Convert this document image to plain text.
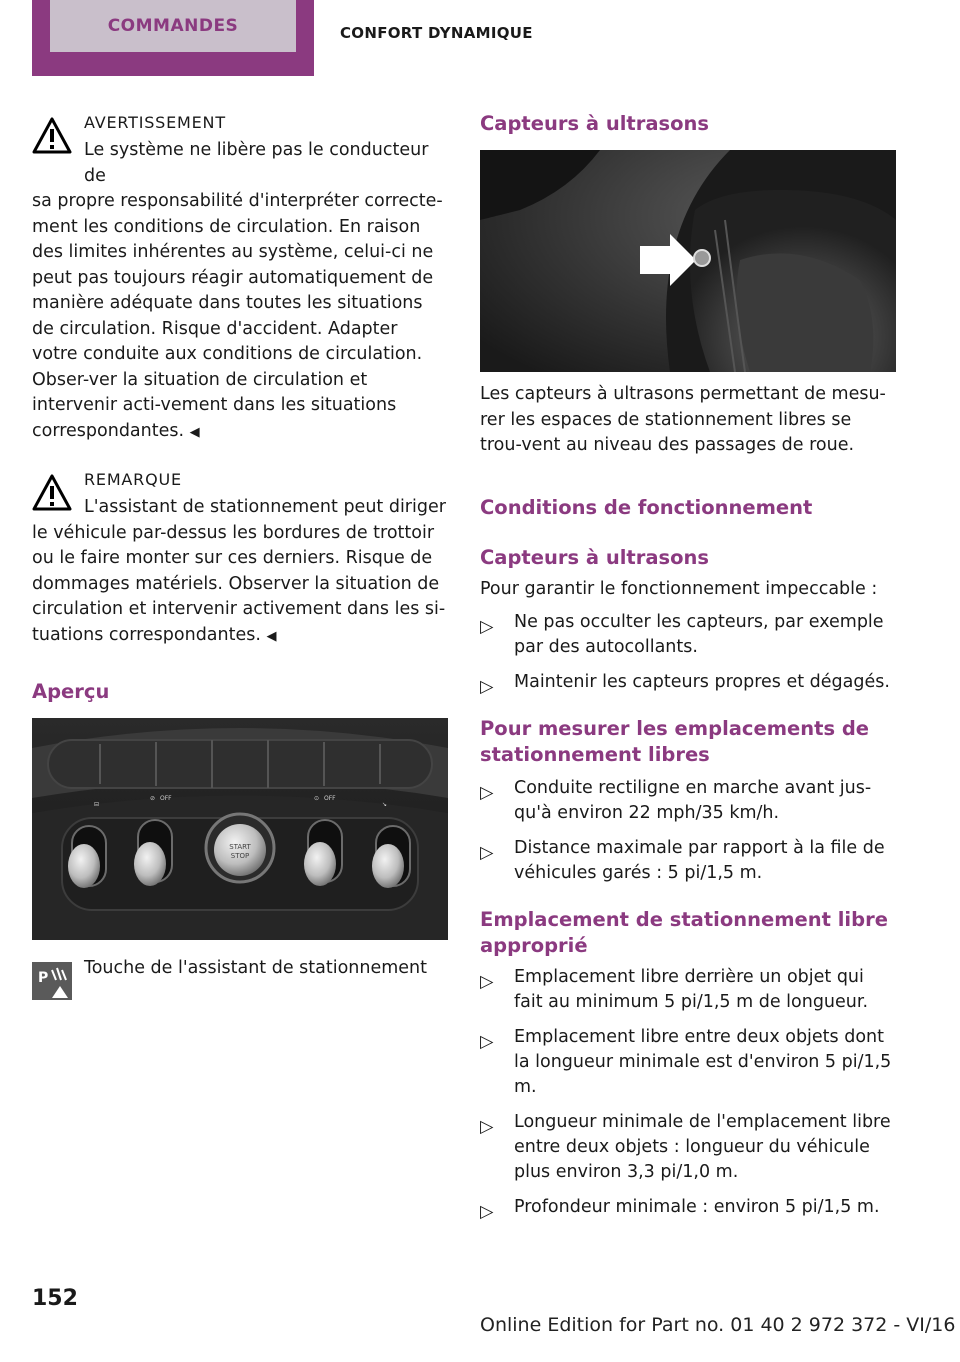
COMMANDES	CONFORT DYNAMIQUE
AVERTISSEMENT
Le système ne libère pas le conducteur de
sa propre responsabilité d'interpréter correcte-ment les conditions de circulation. En raison des limites inhérentes au système, celui-ci ne peut pas toujours réagir automatiquement de manière adéquate dans toutes les situations de circulation. Risque d'accident. Adapter votre conduite aux conditions de circulation. Obser-ver la situation de circulation et intervenir acti-vement dans les situations correspondantes. ◀
REMARQUE
L'assistant de stationnement peut diriger
le véhicule par-dessus les bordures de trottoir ou le faire monter sur ces derniers. Risque de dommages matériels. Observer la situation de circulation et intervenir activement dans les si-tuations correspondantes. ◀
Aperçu
START
STOP
⊟
⊘ OFF	⊙ OFF
↘
P Touche de l'assistant de stationnement
Capteurs à ultrasons
Les capteurs à ultrasons permettant de mesu-rer les espaces de stationnement libres se trou-vent au niveau des passages de roue.
Conditions de fonctionnement
Capteurs à ultrasons
Pour garantir le fonctionnement impeccable :
▷ Ne pas occulter les capteurs, par exemple par des autocollants.
▷ Maintenir les capteurs propres et dégagés.
Pour mesurer les emplacements de stationnement libres
▷ Conduite rectiligne en marche avant jus-qu'à environ 22 mph/35 km/h.
▷ Distance maximale par rapport à la file de véhicules garés : 5 pi/1,5 m.
Emplacement de stationnement libre approprié
▷ Emplacement libre derrière un objet qui fait au minimum 5 pi/1,5 m de longueur.
▷ Emplacement libre entre deux objets dont la longueur minimale est d'environ 5 pi/1,5 m.
▷ Longueur minimale de l'emplacement libre entre deux objets : longueur du véhicule plus environ 3,3 pi/1,0 m.
▷ Profondeur minimale : environ 5 pi/1,5 m.
152
Online Edition for Part no. 01 40 2 972 372 - VI/16
